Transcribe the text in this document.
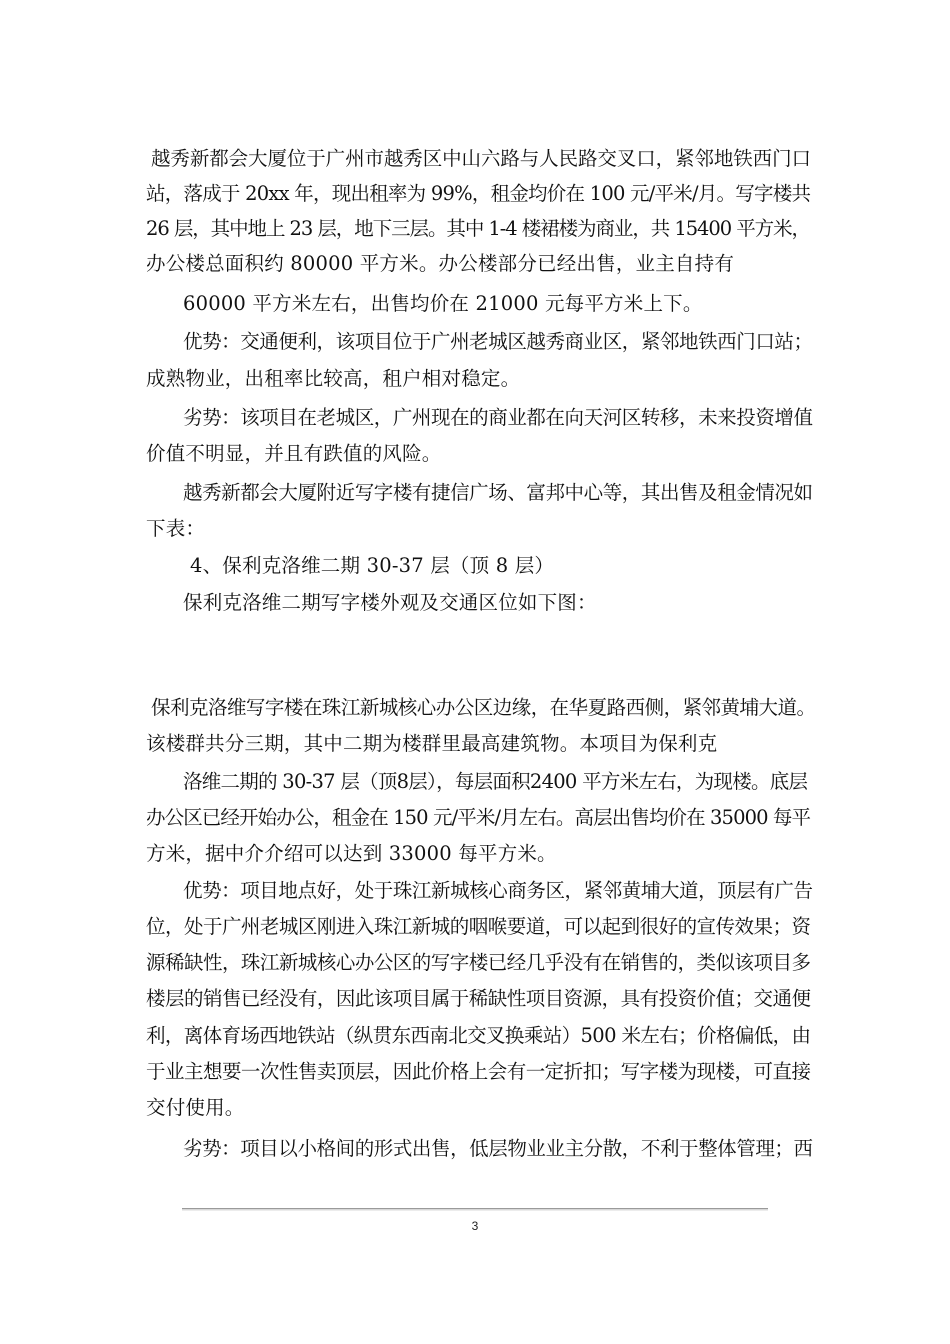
越秀新都会大厦位于广州市越秀区中山六路与人民路交叉口，紧邻地铁西门口
站，落成于 20xx 年，现出租率为 99%，租金均价在 100 元/平米/月。写字楼共
26 层，其中地上 23 层，地下三层。其中 1-4 楼裙楼为商业，共 15400 平方米，
办公楼总面积约 80000 平方米。办公楼部分已经出售，业主自持有
60000 平方米左右，出售均价在 21000 元每平方米上下。
优势：交通便利，该项目位于广州老城区越秀商业区，紧邻地铁西门口站；
成熟物业，出租率比较高，租户相对稳定。
劣势：该项目在老城区，广州现在的商业都在向天河区转移，未来投资增值
价值不明显，并且有跌值的风险。
越秀新都会大厦附近写字楼有捷信广场、富邦中心等，其出售及租金情况如
下表：
4、保利克洛维二期 30-37 层（顶 8 层）
保利克洛维二期写字楼外观及交通区位如下图：
保利克洛维写字楼在珠江新城核心办公区边缘，在华夏路西侧，紧邻黄埔大道。
该楼群共分三期，其中二期为楼群里最高建筑物。本项目为保利克
洛维二期的 30-37 层（顶8层），每层面积2400 平方米左右，为现楼。底层
办公区已经开始办公，租金在 150 元/平米/月左右。高层出售均价在 35000 每平
方米，据中介介绍可以达到 33000 每平方米。
优势：项目地点好，处于珠江新城核心商务区，紧邻黄埔大道，顶层有广告
位，处于广州老城区刚进入珠江新城的咽喉要道，可以起到很好的宣传效果；资
源稀缺性，珠江新城核心办公区的写字楼已经几乎没有在销售的，类似该项目多
楼层的销售已经没有，因此该项目属于稀缺性项目资源，具有投资价值；交通便
利，离体育场西地铁站（纵贯东西南北交叉换乘站）500 米左右；价格偏低，由
于业主想要一次性售卖顶层，因此价格上会有一定折扣；写字楼为现楼，可直接
交付使用。
劣势：项目以小格间的形式出售，低层物业业主分散，不利于整体管理；西
3
